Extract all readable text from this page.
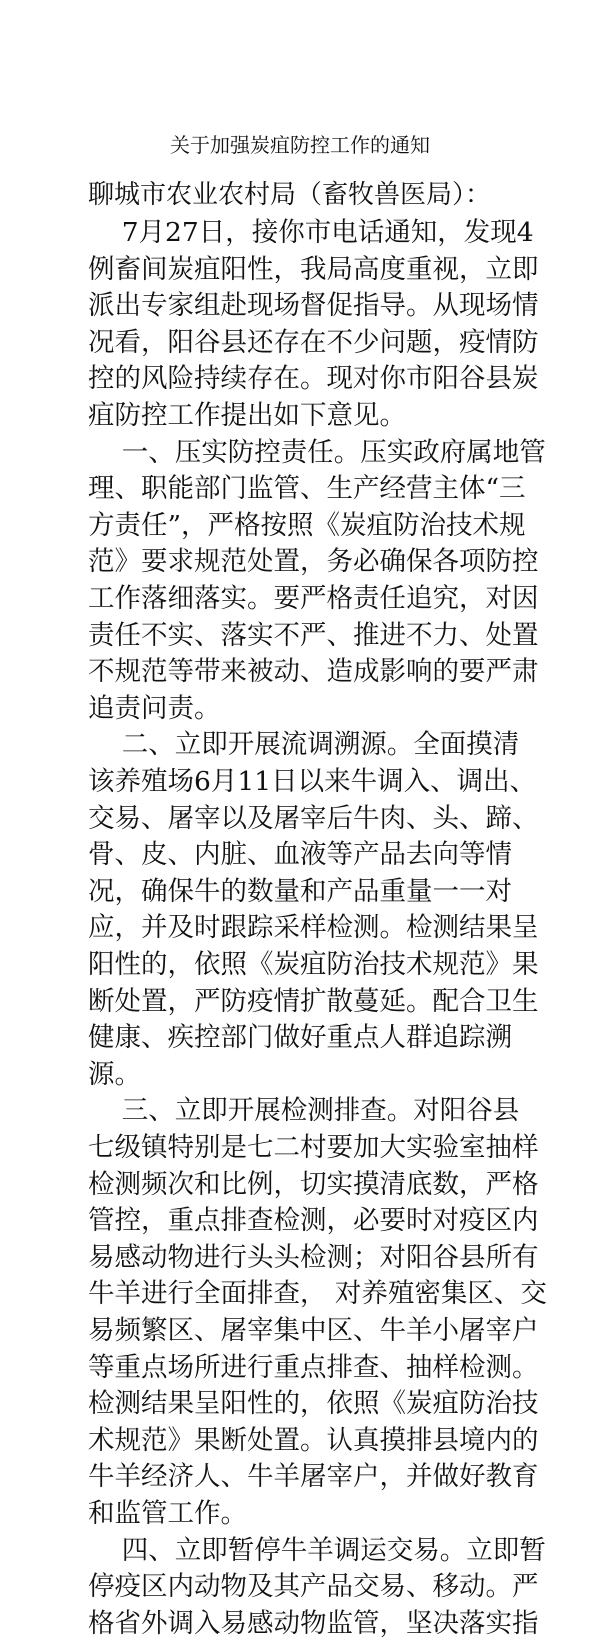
关于加强炭疽防控工作的通知
聊城市农业农村局（畜牧兽医局）：
7月27日，接你市电话通知，发现4
例畜间炭疽阳性，我局高度重视，立即
派出专家组赴现场督促指导。从现场情
况看，阳谷县还存在不少问题，疫情防
控的风险持续存在。现对你市阳谷县炭
疽防控工作提出如下意见。
一、压实防控责任。压实政府属地管
理、职能部门监管、生产经营主体“三
方责任”，严格按照《炭疽防治技术规
范》要求规范处置，务必确保各项防控
工作落细落实。要严格责任追究，对因
责任不实、落实不严、推进不力、处置
不规范等带来被动、造成影响的要严肃
追责问责。
二、立即开展流调溯源。全面摸清
该养殖场6月11日以来牛调入、调出、
交易、屠宰以及屠宰后牛肉、头、蹄、
骨、皮、内脏、血液等产品去向等情
况，确保牛的数量和产品重量一一对
应，并及时跟踪采样检测。检测结果呈
阳性的，依照《炭疽防治技术规范》果
断处置，严防疫情扩散蔓延。配合卫生
健康、疾控部门做好重点人群追踪溯
源。
三、立即开展检测排查。对阳谷县
七级镇特别是七二村要加大实验室抽样
检测频次和比例，切实摸清底数，严格
管控，重点排查检测，必要时对疫区内
易感动物进行头头检测；对阳谷县所有
牛羊进行全面排查， 对养殖密集区、交
易频繁区、屠宰集中区、牛羊小屠宰户
等重点场所进行重点排查、抽样检测。
检测结果呈阳性的，依照《炭疽防治技
术规范》果断处置。认真摸排县境内的
牛羊经济人、牛羊屠宰户，并做好教育
和监管工作。
四、立即暂停牛羊调运交易。立即暂
停疫区内动物及其产品交易、移动。严
格省外调入易感动物监管，坚决落实指
